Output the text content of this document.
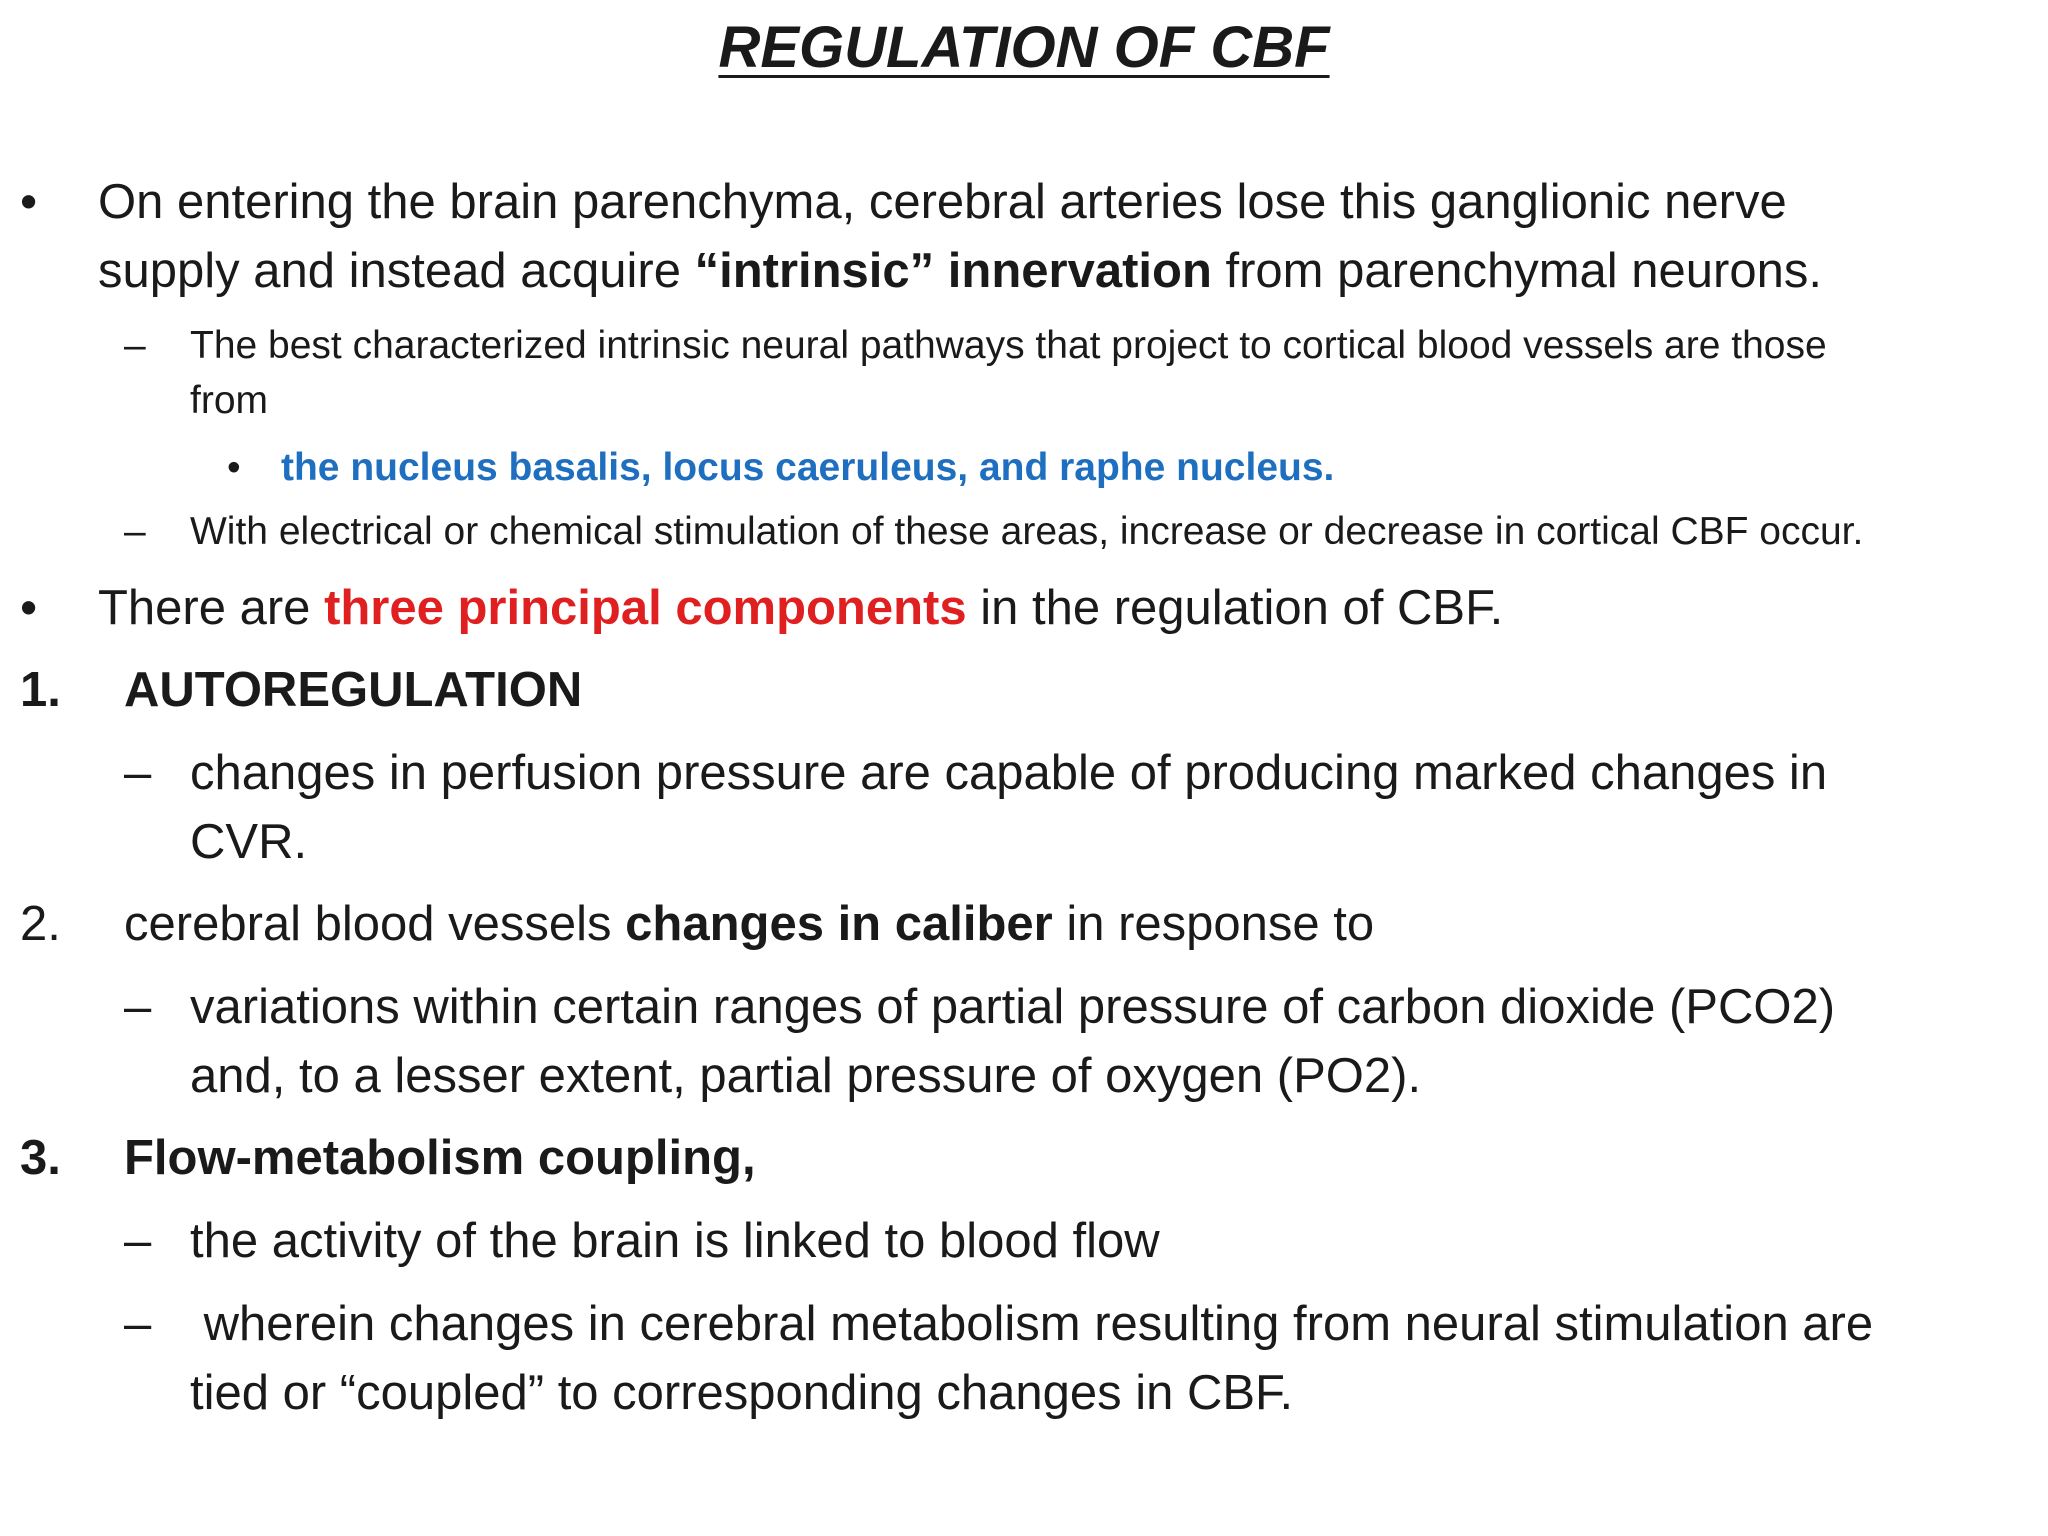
REGULATION OF CBF
• On entering the brain parenchyma, cerebral arteries lose this ganglionic nerve
supply and instead acquire “intrinsic” innervation from parenchymal neurons.
– The best characterized intrinsic neural pathways that project to cortical blood vessels are those
from
• the nucleus basalis, locus caeruleus, and raphe nucleus.
– With electrical or chemical stimulation of these areas, increase or decrease in cortical CBF occur.
• There are three principal components in the regulation of CBF.
1. AUTOREGULATION
– changes in perfusion pressure are capable of producing marked changes in
CVR.
2. cerebral blood vessels changes in caliber in response to
– variations within certain ranges of partial pressure of carbon dioxide (PCO2)
and, to a lesser extent, partial pressure of oxygen (PO2).
3. Flow-metabolism coupling,
– the activity of the brain is linked to blood flow
– wherein changes in cerebral metabolism resulting from neural stimulation are
tied or “coupled” to corresponding changes in CBF.
